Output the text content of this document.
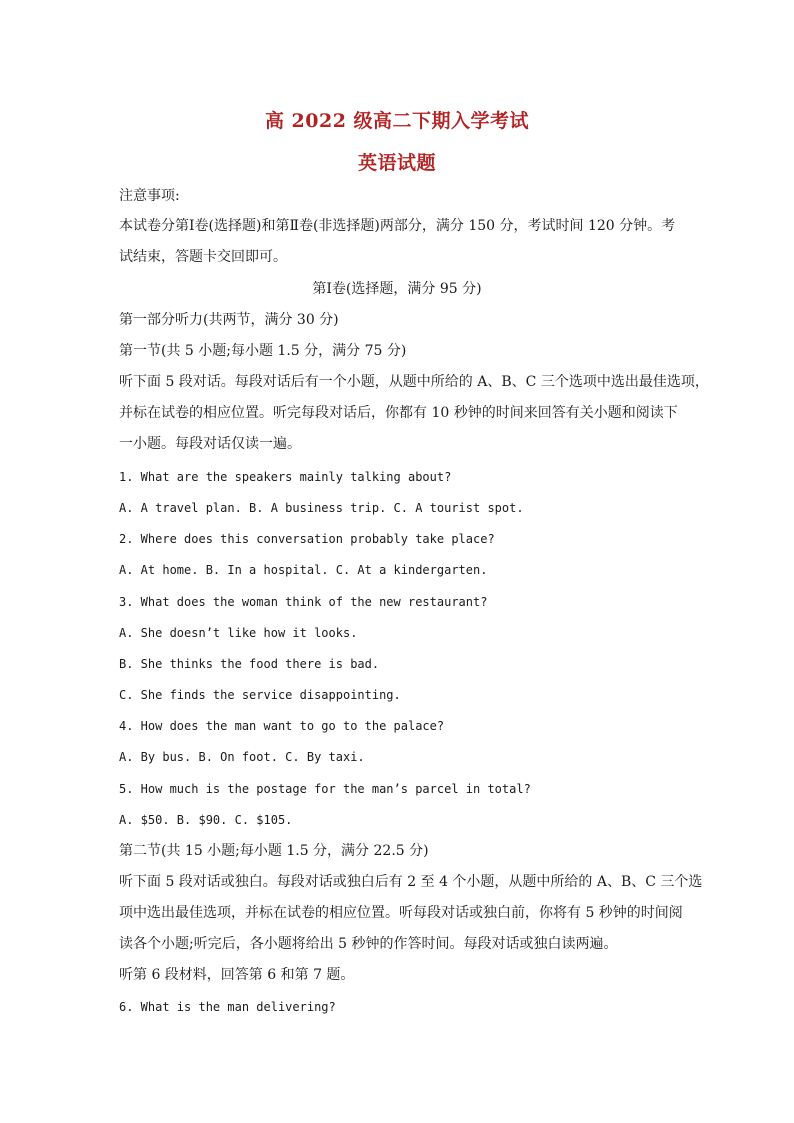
高 2022 级高二下期入学考试
英语试题
注意事项:
本试卷分第Ⅰ卷(选择题)和第Ⅱ卷(非选择题)两部分，满分 150 分，考试时间 120 分钟。考
试结束，答题卡交回即可。
第Ⅰ卷(选择题，满分 95 分)
第一部分听力(共两节，满分 30 分)
第一节(共 5 小题;每小题 1.5 分，满分 75 分)
听下面 5 段对话。每段对话后有一个小题，从题中所给的 A、B、C 三个选项中选出最佳选项，
并标在试卷的相应位置。听完每段对话后，你都有 10 秒钟的时间来回答有关小题和阅读下
一小题。每段对话仅读一遍。
1. What are the speakers mainly talking about?
A. A travel plan. B. A business trip. C. A tourist spot.
2. Where does this conversation probably take place?
A. At home. B. In a hospital. C. At a kindergarten.
3. What does the woman think of the new restaurant?
A. She doesn’t like how it looks.
B. She thinks the food there is bad.
C. She finds the service disappointing.
4. How does the man want to go to the palace?
A. By bus. B. On foot. C. By taxi.
5. How much is the postage for the man’s parcel in total?
A. $50. B. $90. C. $105.
第二节(共 15 小题;每小题 1.5 分，满分 22.5 分)
听下面 5 段对话或独白。每段对话或独白后有 2 至 4 个小题，从题中所给的 A、B、C 三个选
项中选出最佳选项，并标在试卷的相应位置。听每段对话或独白前，你将有 5 秒钟的时间阅
读各个小题;听完后，各小题将给出 5 秒钟的作答时间。每段对话或独白读两遍。
听第 6 段材料，回答第 6 和第 7 题。
6. What is the man delivering?
